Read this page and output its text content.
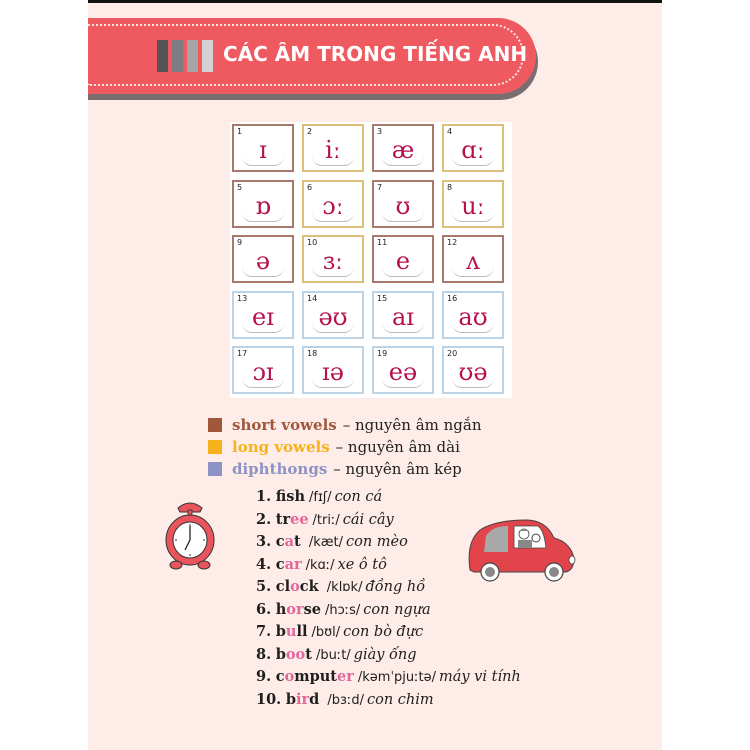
CÁC ÂM TRONG TIẾNG ANH
1
ɪ
2
iː
3
æ
4
ɑː
5
ɒ
6
ɔː
7
ʊ
8
uː
9
ə
10
ɜː
11
e
12
ʌ
13
eɪ
14
əʊ
15
aɪ
16
aʊ
17
ɔɪ
18
ɪə
19
eə
20
ʊə
short vowels – nguyên âm ngắn
long vowels – nguyên âm dài
diphthongs – nguyên âm kép
1. fsh /fɪʃ/ con cá
2. tree /triː/ cái cây
3. cat /kæt/ con mèo
4. car /kɑː/ xe ô tô
5. clock /klɒk/ đồng hồ
6. horse /hɔːs/ con ngựa
7. bull /bʊl/ con bò đực
8. boot /buːt/ giày ống
9. computer /kəmˈpjuːtə/ máy vi tính
10. bird /bɜːd/ con chim
